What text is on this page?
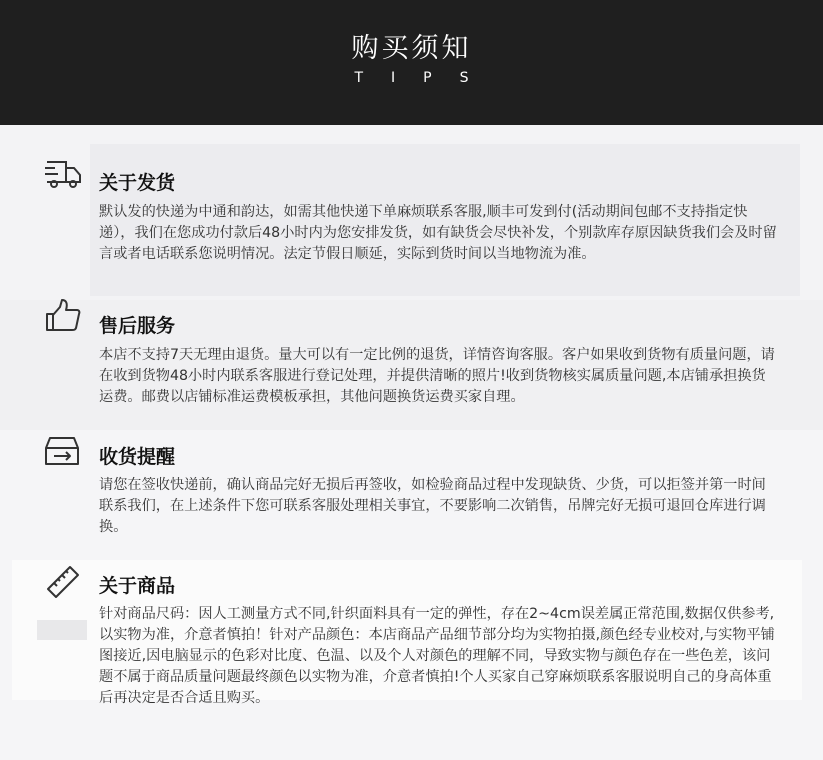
购买须知
TIPS
关于发货
默认发的快递为中通和韵达，如需其他快递下单麻烦联系客服,顺丰可发到付(活动期间包邮不支持指定快递），我们在您成功付款后48小时内为您安排发货，如有缺货会尽快补发，个别款库存原因缺货我们会及时留言或者电话联系您说明情况。法定节假日顺延，实际到货时间以当地物流为准。
售后服务
本店不支持7天无理由退货。量大可以有一定比例的退货，详情咨询客服。客户如果收到货物有质量问题，请在收到货物48小时内联系客服进行登记处理，并提供清晰的照片!收到货物核实属质量问题,本店铺承担换货运费。邮费以店铺标准运费模板承担，其他问题换货运费买家自理。
收货提醒
请您在签收快递前，确认商品完好无损后再签收，如检验商品过程中发现缺货、少货，可以拒签并第一时间联系我们，在上述条件下您可联系客服处理相关事宜，不要影响二次销售，吊牌完好无损可退回仓库进行调换。
关于商品
针对商品尺码：因人工测量方式不同,针织面料具有一定的弹性，存在2~4cm误差属正常范围,数据仅供参考,以实物为准，介意者慎拍！针对产品颜色：本店商品产品细节部分均为实物拍摄,颜色经专业校对,与实物平铺图接近,因电脑显示的色彩对比度、色温、以及个人对颜色的理解不同，导致实物与颜色存在一些色差，该问题不属于商品质量问题最终颜色以实物为准，介意者慎拍!个人买家自己穿麻烦联系客服说明自己的身高体重后再决定是否合适且购买。
